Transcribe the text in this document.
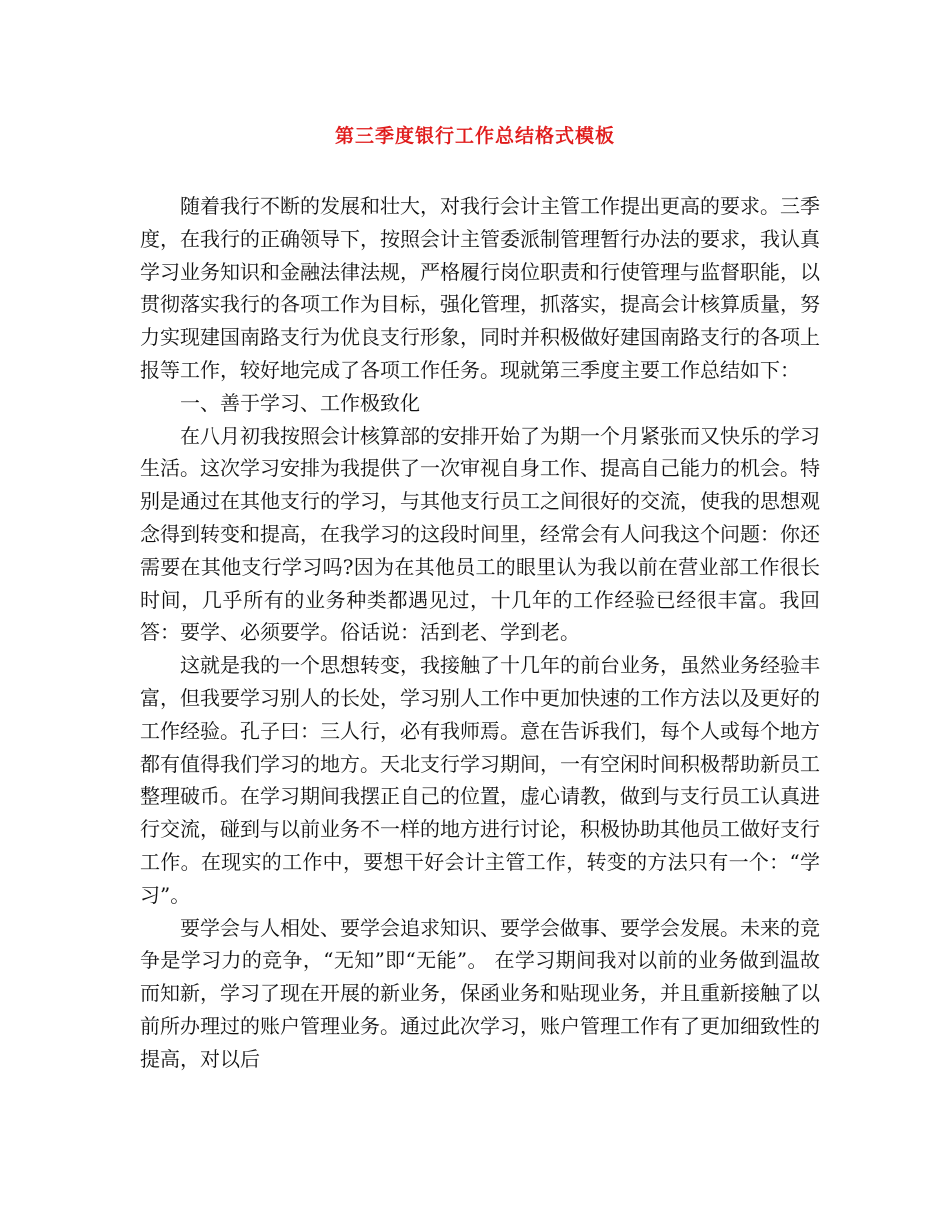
第三季度银行工作总结格式模板

随着我行不断的发展和壮大，对我行会计主管工作提出更高的要求。三季度，在我行的正确领导下，按照会计主管委派制管理暂行办法的要求，我认真学习业务知识和金融法律法规，严格履行岗位职责和行使管理与监督职能，以贯彻落实我行的各项工作为目标，强化管理，抓落实，提高会计核算质量，努力实现建国南路支行为优良支行形象，同时并积极做好建国南路支行的各项上报等工作，较好地完成了各项工作任务。现就第三季度主要工作总结如下：

一、善于学习、工作极致化

在八月初我按照会计核算部的安排开始了为期一个月紧张而又快乐的学习生活。这次学习安排为我提供了一次审视自身工作、提高自己能力的机会。特别是通过在其他支行的学习，与其他支行员工之间很好的交流，使我的思想观念得到转变和提高，在我学习的这段时间里，经常会有人问我这个问题：你还需要在其他支行学习吗?因为在其他员工的眼里认为我以前在营业部工作很长时间，几乎所有的业务种类都遇见过，十几年的工作经验已经很丰富。我回答：要学、必须要学。俗话说：活到老、学到老。

这就是我的一个思想转变，我接触了十几年的前台业务，虽然业务经验丰富，但我要学习别人的长处，学习别人工作中更加快速的工作方法以及更好的工作经验。孔子曰：三人行，必有我师焉。意在告诉我们，每个人或每个地方都有值得我们学习的地方。天北支行学习期间，一有空闲时间积极帮助新员工整理破币。在学习期间我摆正自己的位置，虚心请教，做到与支行员工认真进行交流，碰到与以前业务不一样的地方进行讨论，积极协助其他员工做好支行工作。在现实的工作中，要想干好会计主管工作，转变的方法只有一个：“学习”。

要学会与人相处、要学会追求知识、要学会做事、要学会发展。未来的竞争是学习力的竞争，“无知”即“无能”。 在学习期间我对以前的业务做到温故而知新，学习了现在开展的新业务，保函业务和贴现业务，并且重新接触了以前所办理过的账户管理业务。通过此次学习，账户管理工作有了更加细致性的提高，对以后
